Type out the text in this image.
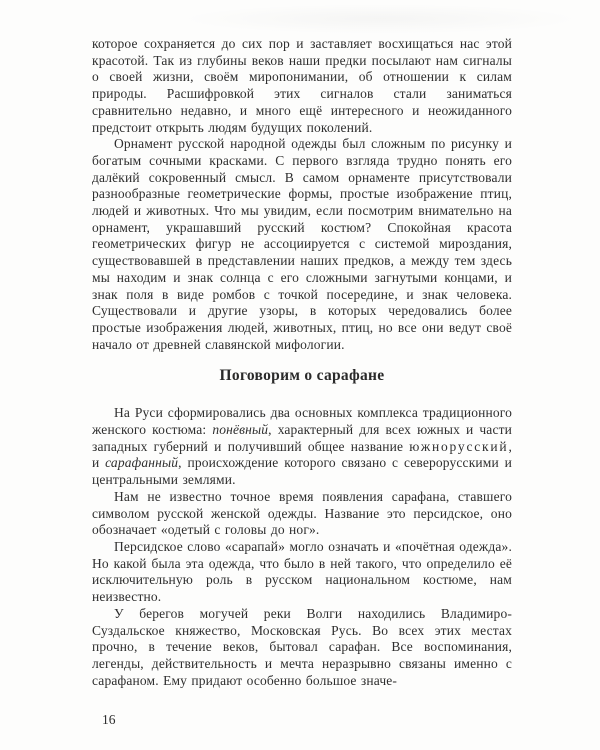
которое сохраняется до сих пор и заставляет восхищаться нас этой красотой. Так из глубины веков наши предки посылают нам сигналы о своей жизни, своём миропонимании, об отношении к силам природы. Расшифровкой этих сигналов стали заниматься сравнительно недавно, и много ещё интересного и неожиданного предстоит открыть людям будущих поколений.

Орнамент русской народной одежды был сложным по рисунку и богатым сочными красками. С первого взгляда трудно понять его далёкий сокровенный смысл. В самом орнаменте присутствовали разнообразные геометрические формы, простые изображение птиц, людей и животных. Что мы увидим, если посмотрим внимательно на орнамент, украшавший русский костюм? Спокойная красота геометрических фигур не ассоциируется с системой мироздания, существовавшей в представлении наших предков, а между тем здесь мы находим и знак солнца с его сложными загнутыми концами, и знак поля в виде ромбов с точкой посередине, и знак человека. Существовали и другие узоры, в которых чередовались более простые изображения людей, животных, птиц, но все они ведут своё начало от древней славянской мифологии.

Поговорим о сарафане

На Руси сформировались два основных комплекса традиционного женского костюма: понёвный, характерный для всех южных и части западных губерний и получивший общее название южнорусский, и сарафанный, происхождение которого связано с северорусскими и центральными землями.

Нам не известно точное время появления сарафана, ставшего символом русской женской одежды. Название это персидское, оно обозначает «одетый с головы до ног».

Персидское слово «сарапай» могло означать и «почётная одежда». Но какой была эта одежда, что было в ней такого, что определило её исключительную роль в русском национальном костюме, нам неизвестно.

У берегов могучей реки Волги находились Владимиро-Суздальское княжество, Московская Русь. Во всех этих местах прочно, в течение веков, бытовал сарафан. Все воспоминания, легенды, действительность и мечта неразрывно связаны именно с сарафаном. Ему придают особенно большое значе-

16
